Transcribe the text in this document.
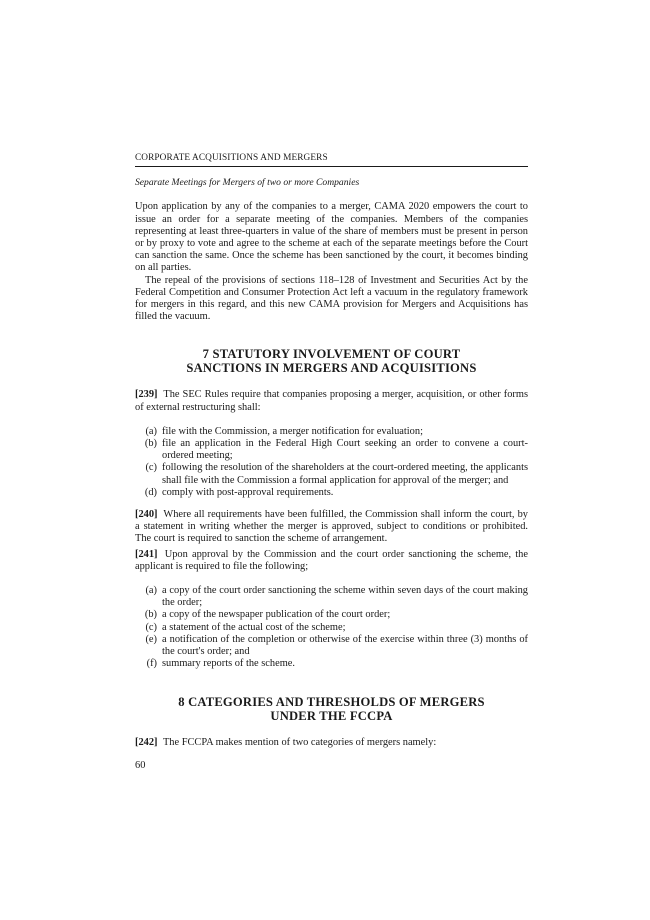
CORPORATE ACQUISITIONS AND MERGERS
Separate Meetings for Mergers of two or more Companies

Upon application by any of the companies to a merger, CAMA 2020 empowers the court to issue an order for a separate meeting of the companies. Members of the companies representing at least three-quarters in value of the share of members must be present in person or by proxy to vote and agree to the scheme at each of the separate meetings before the Court can sanction the same. Once the scheme has been sanctioned by the court, it becomes binding on all parties.

The repeal of the provisions of sections 118–128 of Investment and Securities Act by the Federal Competition and Consumer Protection Act left a vacuum in the regulatory framework for mergers in this regard, and this new CAMA provision for Mergers and Acquisitions has filled the vacuum.

7 STATUTORY INVOLVEMENT OF COURT
SANCTIONS IN MERGERS AND ACQUISITIONS

[239] The SEC Rules require that companies proposing a merger, acquisition, or other forms of external restructuring shall:

(a) file with the Commission, a merger notification for evaluation;
(b) file an application in the Federal High Court seeking an order to convene a court-ordered meeting;
(c) following the resolution of the shareholders at the court-ordered meeting, the applicants shall file with the Commission a formal application for approval of the merger; and
(d) comply with post-approval requirements.

[240] Where all requirements have been fulfilled, the Commission shall inform the court, by a statement in writing whether the merger is approved, subject to conditions or prohibited. The court is required to sanction the scheme of arrangement.

[241] Upon approval by the Commission and the court order sanctioning the scheme, the applicant is required to file the following;

(a) a copy of the court order sanctioning the scheme within seven days of the court making the order;
(b) a copy of the newspaper publication of the court order;
(c) a statement of the actual cost of the scheme;
(e) a notification of the completion or otherwise of the exercise within three (3) months of the court's order; and
(f) summary reports of the scheme.
8 CATEGORIES AND THRESHOLDS OF MERGERS
UNDER THE FCCPA

[242] The FCCPA makes mention of two categories of mergers namely:

60
